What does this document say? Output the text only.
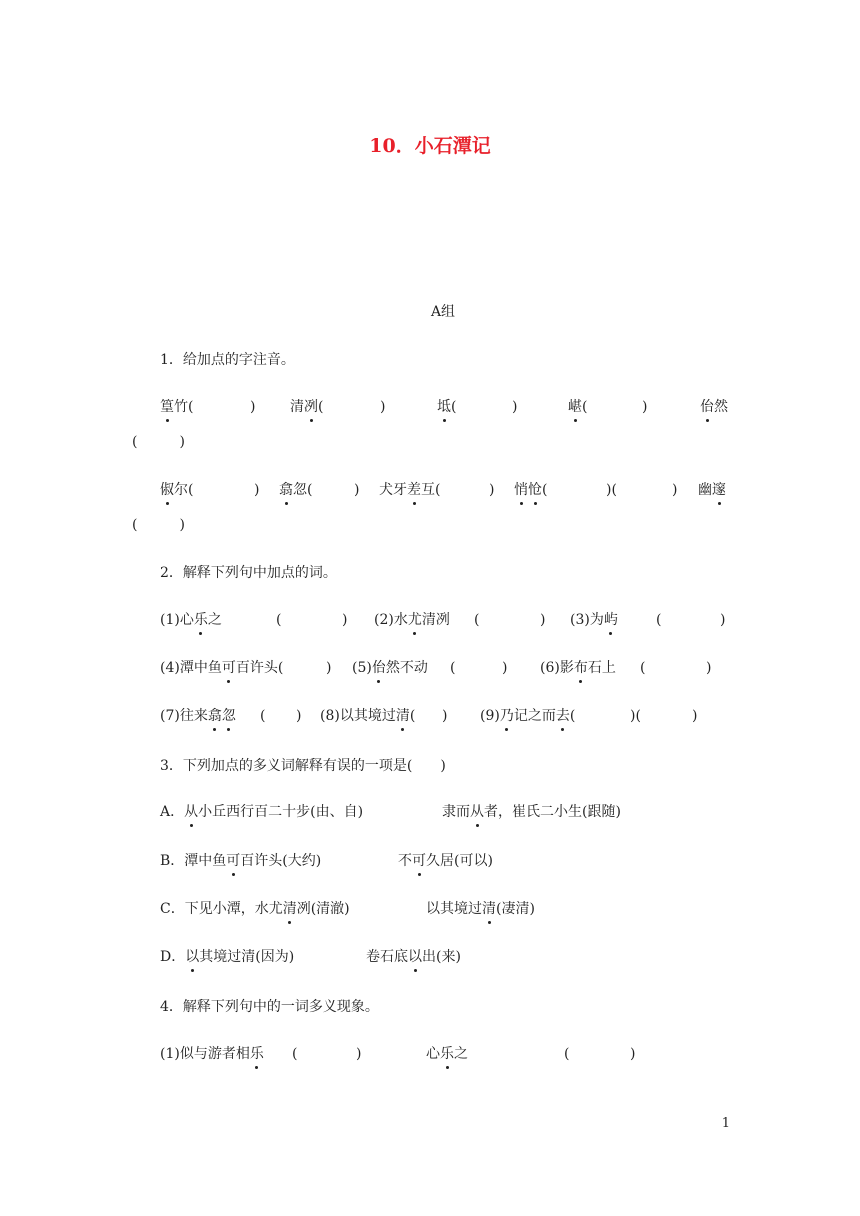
10．小石潭记
A组
1．给加点的字注音。
篁竹(	) 清冽(	)	坻(	)	嵁(	)	佁然
(　　　)
俶尔(	) 翕忽(	) 犬牙差互(	) 悄怆(	)(	) 幽邃
(　　　)
2．解释下列句中加点的词。
(1)心乐之	(	) (2)水尤清冽 (	) (3)为屿	(	)
(4)潭中鱼可百许头(	) (5)佁然不动 (	) (6)影布石上 (	)
(7)往来翕忽 ( ) (8)以其境过清( ) (9)乃记之而去(	)(	)
3．下列加点的多义词解释有误的一项是(　　)
A．从小丘西行百二十步(由、自)	隶而从者，崔氏二小生(跟随)
B．潭中鱼可百许头(大约)	不可久居(可以)
C．下见小潭，水尤清冽(清澈)	以其境过清(凄清)
D．以其境过清(因为)	卷石底以出(来)
4．解释下列句中的一词多义现象。
(1)似与游者相乐 (	)	心乐之	(	)
1
